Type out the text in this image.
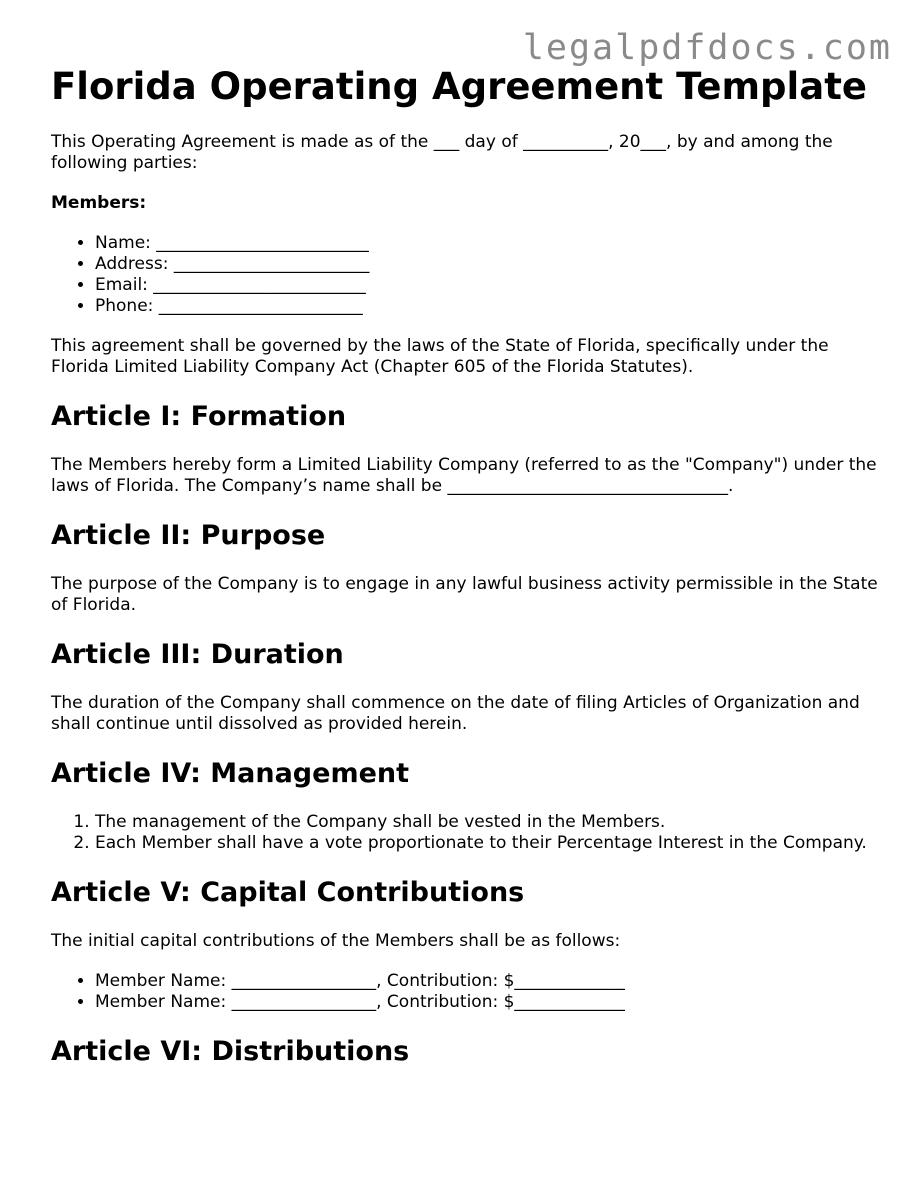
legalpdfdocs.com
Florida Operating Agreement Template

This Operating Agreement is made as of the ___ day of __________, 20___, by and among the following parties:

Members:

• Name: _________________________
• Address: _______________________
• Email: _________________________
• Phone: ________________________

This agreement shall be governed by the laws of the State of Florida, specifically under the Florida Limited Liability Company Act (Chapter 605 of the Florida Statutes).

Article I: Formation

The Members hereby form a Limited Liability Company (referred to as the "Company") under the laws of Florida. The Company’s name shall be _________________________________.

Article II: Purpose

The purpose of the Company is to engage in any lawful business activity permissible in the State of Florida.

Article III: Duration

The duration of the Company shall commence on the date of filing Articles of Organization and shall continue until dissolved as provided herein.

Article IV: Management
1. The management of the Company shall be vested in the Members.
2. Each Member shall have a vote proportionate to their Percentage Interest in the Company.
Article V: Capital Contributions

The initial capital contributions of the Members shall be as follows:

• Member Name: _________________, Contribution: $_____________
• Member Name: _________________, Contribution: $_____________
Article VI: Distributions
